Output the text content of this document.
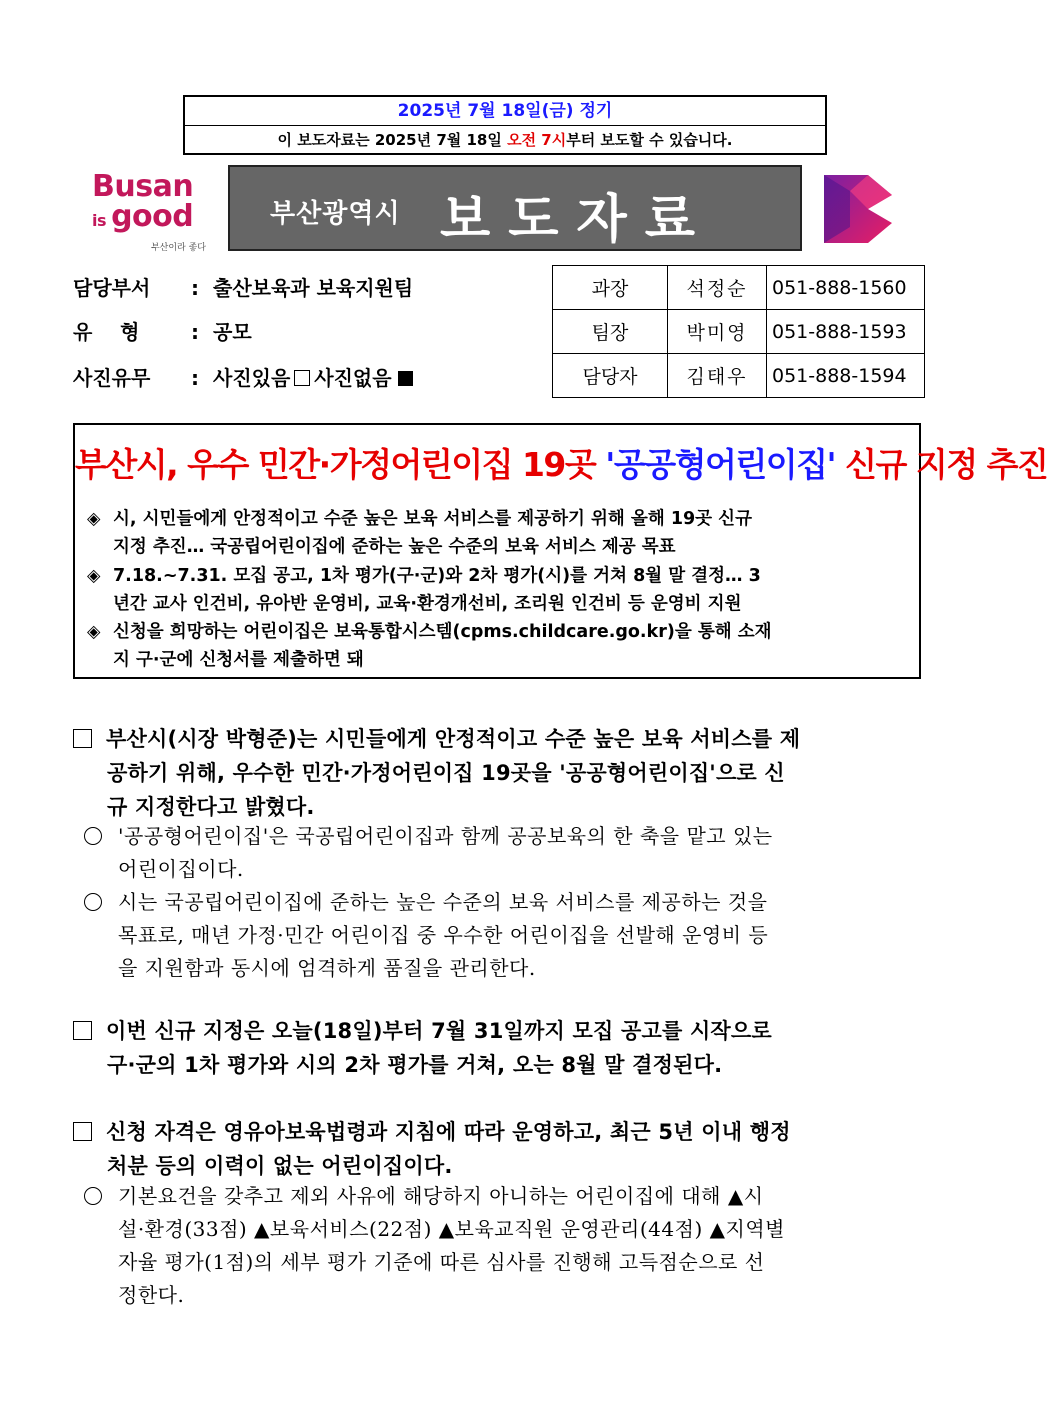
2025년 7월 18일(금) 정기
이 보도자료는 2025년 7월 18일 오전 7시부터 보도할 수 있습니다.
Busan
is good
부산이라 좋다
부산광역시 보도자료
담당부서 : 출산보육과 보육지원팀
유    형	: 공모
사진유무 : 사진있음 사진없음
과장	석정순	051-888-1560
팀장	박미영	051-888-1593
담당자	김태우	051-888-1594
부산시, 우수 민간·가정어린이집 19곳 '공공형어린이집' 신규 지정 추진
◈ 시, 시민들에게 안정적이고 수준 높은 보육 서비스를 제공하기 위해 올해 19곳 신규
지정 추진… 국공립어린이집에 준하는 높은 수준의 보육 서비스 제공 목표
◈ 7.18.~7.31. 모집 공고, 1차 평가(구·군)와 2차 평가(시)를 거쳐 8월 말 결정… 3
년간 교사 인건비, 유아반 운영비, 교육·환경개선비, 조리원 인건비 등 운영비 지원
◈ 신청을 희망하는 어린이집은 보육통합시스템(cpms.childcare.go.kr)을 통해 소재
지 구·군에 신청서를 제출하면 돼
부산시(시장 박형준)는 시민들에게 안정적이고 수준 높은 보육 서비스를 제
공하기 위해, 우수한 민간·가정어린이집 19곳을 '공공형어린이집'으로 신
규 지정한다고 밝혔다.
'공공형어린이집'은 국공립어린이집과 함께 공공보육의 한 축을 맡고 있는
어린이집이다.
시는 국공립어린이집에 준하는 높은 수준의 보육 서비스를 제공하는 것을
목표로, 매년 가정·민간 어린이집 중 우수한 어린이집을 선발해 운영비 등
을 지원함과 동시에 엄격하게 품질을 관리한다.
이번 신규 지정은 오늘(18일)부터 7월 31일까지 모집 공고를 시작으로
구·군의 1차 평가와 시의 2차 평가를 거쳐, 오는 8월 말 결정된다.
신청 자격은 영유아보육법령과 지침에 따라 운영하고, 최근 5년 이내 행정
처분 등의 이력이 없는 어린이집이다.
기본요건을 갖추고 제외 사유에 해당하지 아니하는 어린이집에 대해 ▲시
설·환경(33점) ▲보육서비스(22점) ▲보육교직원 운영관리(44점) ▲지역별
자율 평가(1점)의 세부 평가 기준에 따른 심사를 진행해 고득점순으로 선
정한다.
